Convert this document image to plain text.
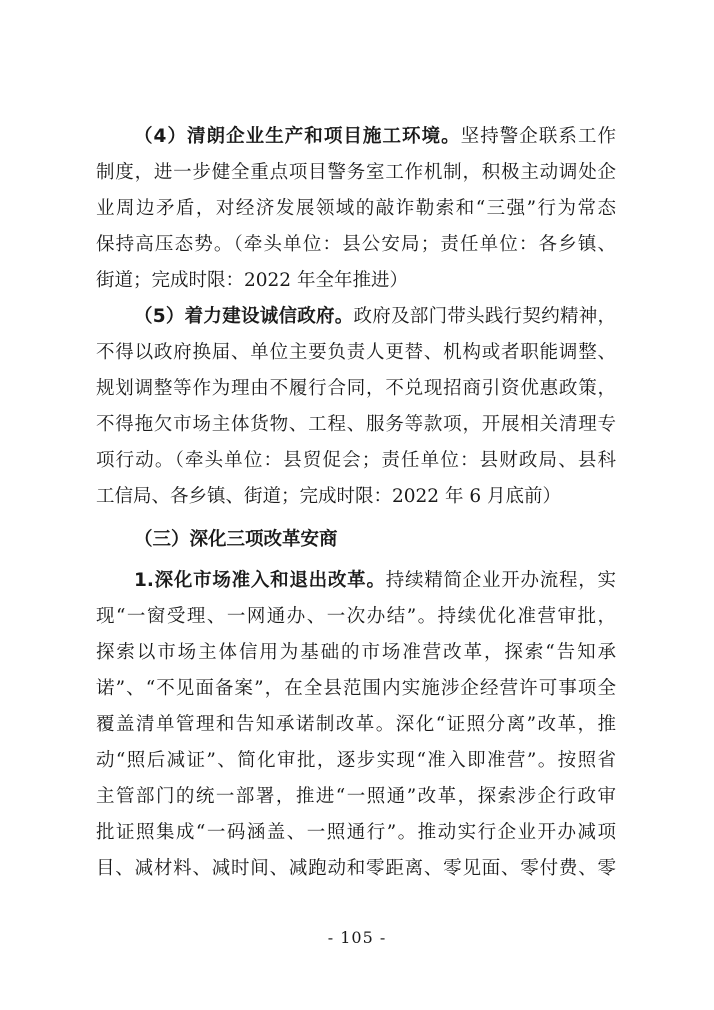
（4）清朗企业生产和项目施工环境。坚持警企联系工作
制度，进一步健全重点项目警务室工作机制，积极主动调处企
业周边矛盾，对经济发展领域的敲诈勒索和“三强”行为常态
保持高压态势。（牵头单位：县公安局；责任单位：各乡镇、
街道；完成时限：2022 年全年推进）
（5）着力建设诚信政府。政府及部门带头践行契约精神，
不得以政府换届、单位主要负责人更替、机构或者职能调整、
规划调整等作为理由不履行合同，不兑现招商引资优惠政策，
不得拖欠市场主体货物、工程、服务等款项，开展相关清理专
项行动。（牵头单位：县贸促会；责任单位：县财政局、县科
工信局、各乡镇、街道；完成时限：2022 年 6 月底前）
（三）深化三项改革安商
1.深化市场准入和退出改革。持续精简企业开办流程，实
现“一窗受理、一网通办、一次办结”。持续优化准营审批，
探索以市场主体信用为基础的市场准营改革，探索“告知承
诺”、“不见面备案”，在全县范围内实施涉企经营许可事项全
覆盖清单管理和告知承诺制改革。深化“证照分离”改革，推
动“照后减证”、简化审批，逐步实现“准入即准营”。按照省
主管部门的统一部署，推进“一照通”改革，探索涉企行政审
批证照集成“一码涵盖、一照通行”。推动实行企业开办减项
目、减材料、减时间、减跑动和零距离、零见面、零付费、零
- 105 -
